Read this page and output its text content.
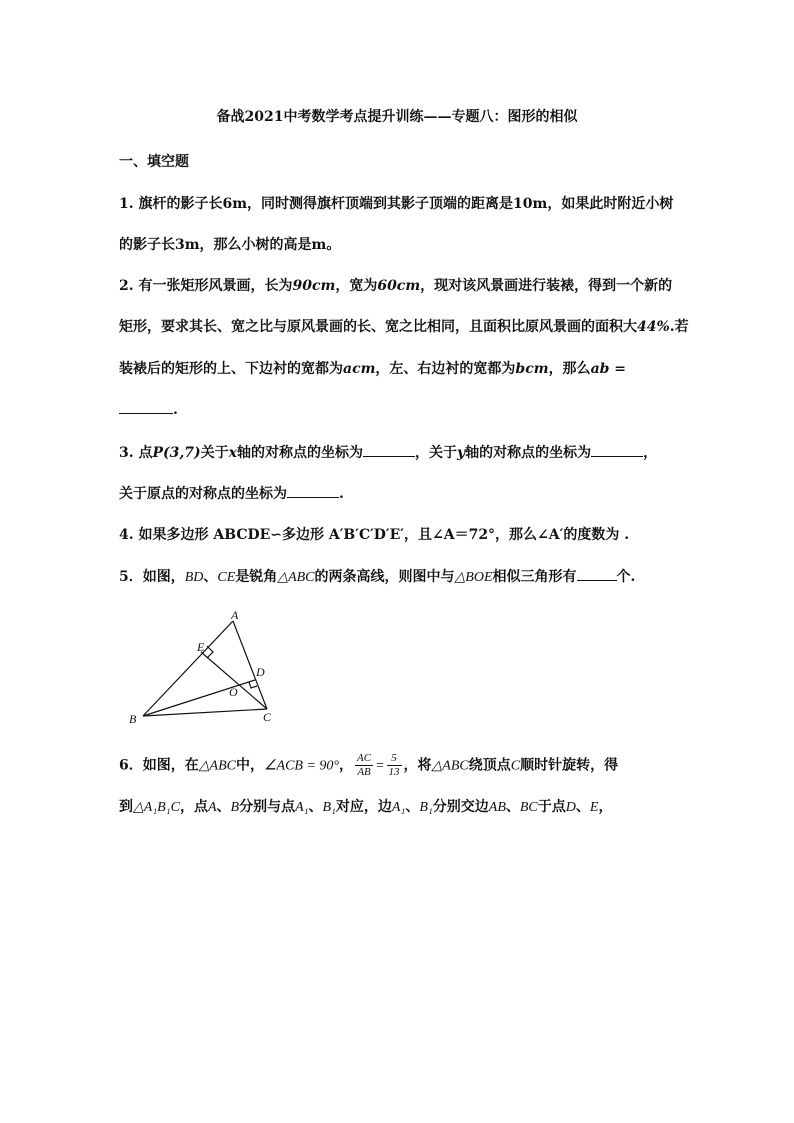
备战2021中考数学考点提升训练——专题八：图形的相似
一、填空题
1. 旗杆的影子长6m，同时测得旗杆顶端到其影子顶端的距离是10m，如果此时附近小树
的影子长3m，那么小树的高是m。
2. 有一张矩形风景画，长为90cm，宽为60cm，现对该风景画进行装裱，得到一个新的
矩形，要求其长、宽之比与原风景画的长、宽之比相同，且面积比原风景画的面积大44%.若
装裱后的矩形的上、下边衬的宽都为acm，左、右边衬的宽都为bcm，那么ab =
.
3. 点P(3,7)关于x轴的对称点的坐标为	，关于y轴的对称点的坐标为	，
关于原点的对称点的坐标为	.
4. 如果多边形 ABCDE∽多边形 A′B′C′D′E′，且∠A＝72°，那么∠A′的度数为 .
5．如图，BD、CE是锐角△ABC的两条高线，则图中与△BOE相似三角形有	个.
A
E
D
O
B	C
6．如图，在△ABC中，∠ACB = 90°， $\frac{AC}{AB} = \frac{5}{13}$ ，将△ABC绕顶点C顺时针旋转，得
到△A₁B₁C，点A、B分别与点A₁、B₁对应，边A₁、B₁分别交边AB、BC于点D、E，
